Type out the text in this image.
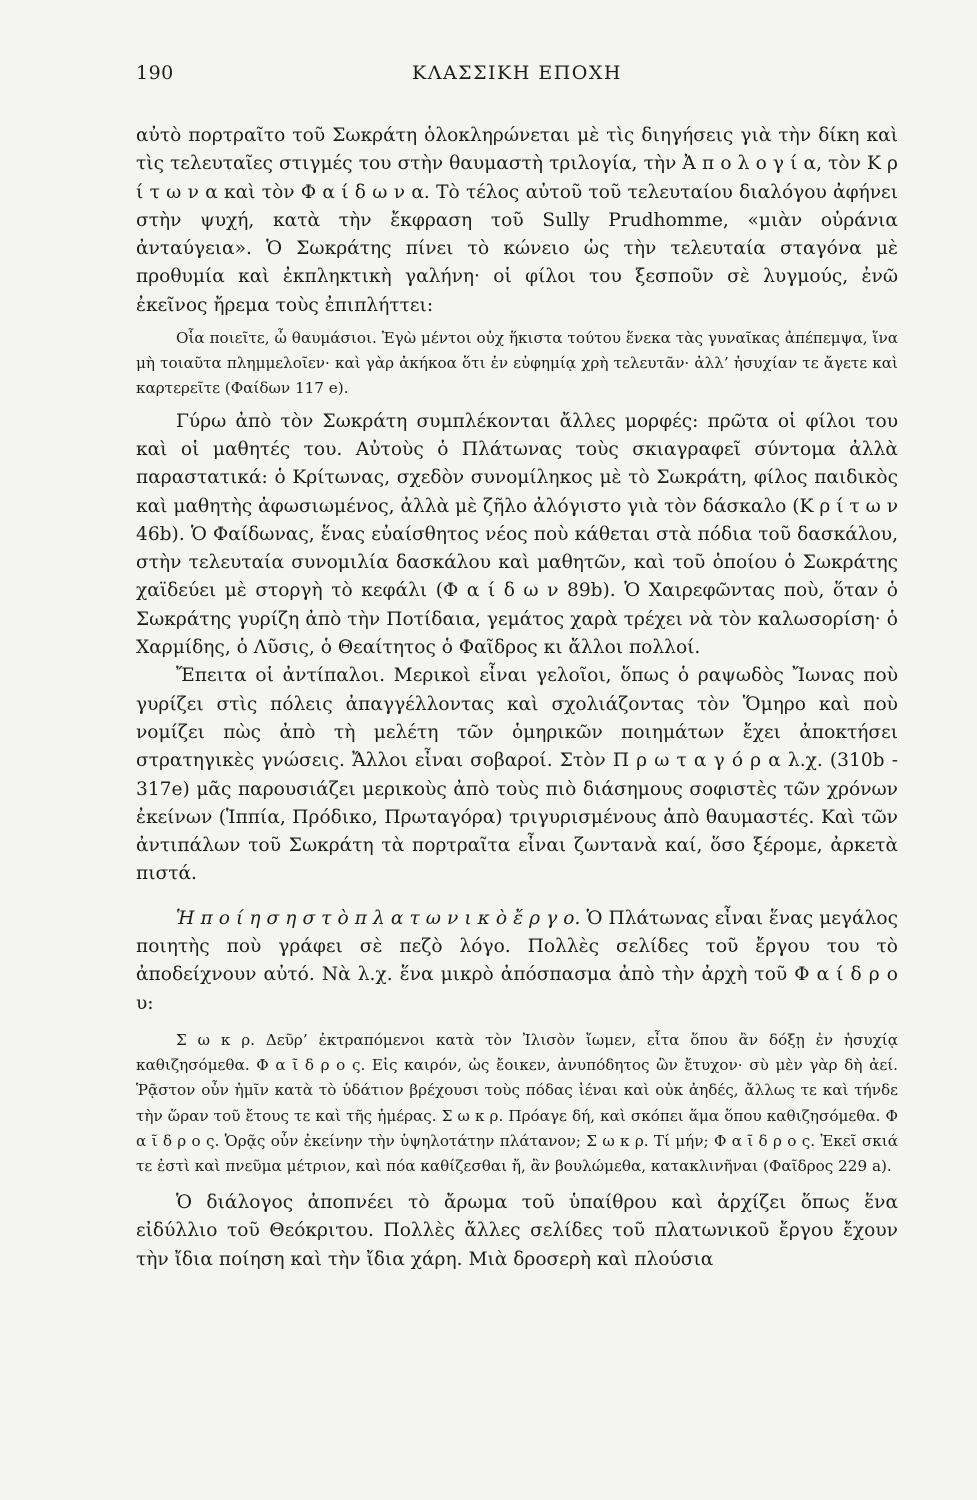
190	ΚΛΑΣΣΙΚΗ ΕΠΟΧΗ

αὐτὸ πορτραῖτο τοῦ Σωκράτη ὁλοκληρώνεται μὲ τὶς διηγήσεις γιὰ τὴν δίκη καὶ τὶς τελευταῖες στιγμές του στὴν θαυμαστὴ τριλογία, τὴν Ἀ π ο λ ο γ ί α, τὸν Κ ρ ί τ ω ν α καὶ τὸν Φ α ί δ ω ν α. Τὸ τέλος αὐτοῦ τοῦ τελευταίου διαλόγου ἀφήνει στὴν ψυχή, κατὰ τὴν ἔκφραση τοῦ Sully Prudhomme, «μιὰν οὐράνια ἀνταύγεια». Ὁ Σωκράτης πίνει τὸ κώνειο ὡς τὴν τελευταία σταγόνα μὲ προθυμία καὶ ἐκπληκτικὴ γαλήνη· οἱ φίλοι του ξεσποῦν σὲ λυγμούς, ἐνῶ ἐκεῖνος ἤρεμα τοὺς ἐπιπλήττει:

Οἷα ποιεῖτε, ὦ θαυμάσιοι. Ἐγὼ μέντοι οὐχ ἥκιστα τούτου ἕνεκα τὰς γυναῖκας ἀπέπεμψα, ἵνα μὴ τοιαῦτα πλημμελοῖεν· καὶ γὰρ ἀκήκοα ὅτι ἐν εὐφημίᾳ χρὴ τελευτᾶν· ἀλλ’ ἡσυχίαν τε ἄγετε καὶ καρτερεῖτε (Φαίδων 117 e).

Γύρω ἀπὸ τὸν Σωκράτη συμπλέκονται ἄλλες μορφές: πρῶτα οἱ φίλοι του καὶ οἱ μαθητές του. Αὐτοὺς ὁ Πλάτωνας τοὺς σκιαγραφεῖ σύντομα ἀλλὰ παραστατικά: ὁ Κρίτωνας, σχεδὸν συνομίληκος μὲ τὸ Σωκράτη, φίλος παιδικὸς καὶ μαθητὴς ἀφωσιωμένος, ἀλλὰ μὲ ζῆλο ἀλόγιστο γιὰ τὸν δάσκαλο (Κ ρ ί τ ω ν 46b). Ὁ Φαίδωνας, ἕνας εὐαίσθητος νέος ποὺ κάθεται στὰ πόδια τοῦ δασκάλου, στὴν τελευταία συνομιλία δασκάλου καὶ μαθητῶν, καὶ τοῦ ὁποίου ὁ Σωκράτης χαϊδεύει μὲ στοργὴ τὸ κεφάλι (Φ α ί δ ω ν 89b). Ὁ Χαιρεφῶντας ποὺ, ὅταν ὁ Σωκράτης γυρίζη ἀπὸ τὴν Ποτίδαια, γεμάτος χαρὰ τρέχει νὰ τὸν καλωσορίση· ὁ Χαρμίδης, ὁ Λῦσις, ὁ Θεαίτητος ὁ Φαῖδρος κι ἄλλοι πολλοί.

Ἔπειτα οἱ ἀντίπαλοι. Μερικοὶ εἶναι γελοῖοι, ὅπως ὁ ραψωδὸς Ἴωνας ποὺ γυρίζει στὶς πόλεις ἀπαγγέλλοντας καὶ σχολιάζοντας τὸν Ὅμηρο καὶ ποὺ νομίζει πὼς ἀπὸ τὴ μελέτη τῶν ὁμηρικῶν ποιημάτων ἔχει ἀποκτήσει στρατηγικὲς γνώσεις. Ἄλλοι εἶναι σοβαροί. Στὸν Π ρ ω τ α γ ό ρ α λ.χ. (310b - 317e) μᾶς παρουσιάζει μερικοὺς ἀπὸ τοὺς πιὸ διάσημους σοφιστὲς τῶν χρόνων ἐκείνων (Ἱππία, Πρόδικο, Πρωταγόρα) τριγυρισμένους ἀπὸ θαυμαστές. Καὶ τῶν ἀντιπάλων τοῦ Σωκράτη τὰ πορτραῖτα εἶναι ζωντανὰ καί, ὅσο ξέρομε, ἀρκετὰ πιστά.

Ἡ π ο ί η σ η σ τ ὸ π λ α τ ω ν ι κ ὸ ἔ ρ γ ο. Ὁ Πλάτωνας εἶναι ἕνας μεγάλος ποιητὴς ποὺ γράφει σὲ πεζὸ λόγο. Πολλὲς σελίδες τοῦ ἔργου του τὸ ἀποδείχνουν αὐτό. Νὰ λ.χ. ἕνα μικρὸ ἀπόσπασμα ἀπὸ τὴν ἀρχὴ τοῦ Φ α ί δ ρ ο υ:

Σ ω κ ρ. Δεῦρ’ ἐκτραπόμενοι κατὰ τὸν Ἰλισὸν ἴωμεν, εἶτα ὅπου ἂν δόξῃ ἐν ἡσυχίᾳ καθιζησόμεθα. Φ α ῖ δ ρ ο ς. Εἰς καιρόν, ὡς ἔοικεν, ἀνυπόδητος ὢν ἔτυχον· σὺ μὲν γὰρ δὴ ἀεί. Ῥᾷστον οὖν ἡμῖν κατὰ τὸ ὑδάτιον βρέχουσι τοὺς πόδας ἰέναι καὶ οὐκ ἀηδές, ἄλλως τε καὶ τήνδε τὴν ὥραν τοῦ ἔτους τε καὶ τῆς ἡμέρας. Σ ω κ ρ. Πρόαγε δή, καὶ σκόπει ἅμα ὅπου καθιζησόμεθα. Φ α ῖ δ ρ ο ς. Ὁρᾷς οὖν ἐκείνην τὴν ὑψηλοτάτην πλάτανον; Σ ω κ ρ. Τί μήν; Φ α ῖ δ ρ ο ς. Ἐκεῖ σκιά τε ἐστὶ καὶ πνεῦμα μέτριον, καὶ πόα καθίζεσθαι ἤ, ἂν βουλώμεθα, κατακλινῆναι (Φαῖδρος 229 a).

Ὁ διάλογος ἀποπνέει τὸ ἄρωμα τοῦ ὑπαίθρου καὶ ἀρχίζει ὅπως ἕνα εἰδύλλιο τοῦ Θεόκριτου. Πολλὲς ἄλλες σελίδες τοῦ πλατωνικοῦ ἔργου ἔχουν τὴν ἴδια ποίηση καὶ τὴν ἴδια χάρη. Μιὰ δροσερὴ καὶ πλούσια
